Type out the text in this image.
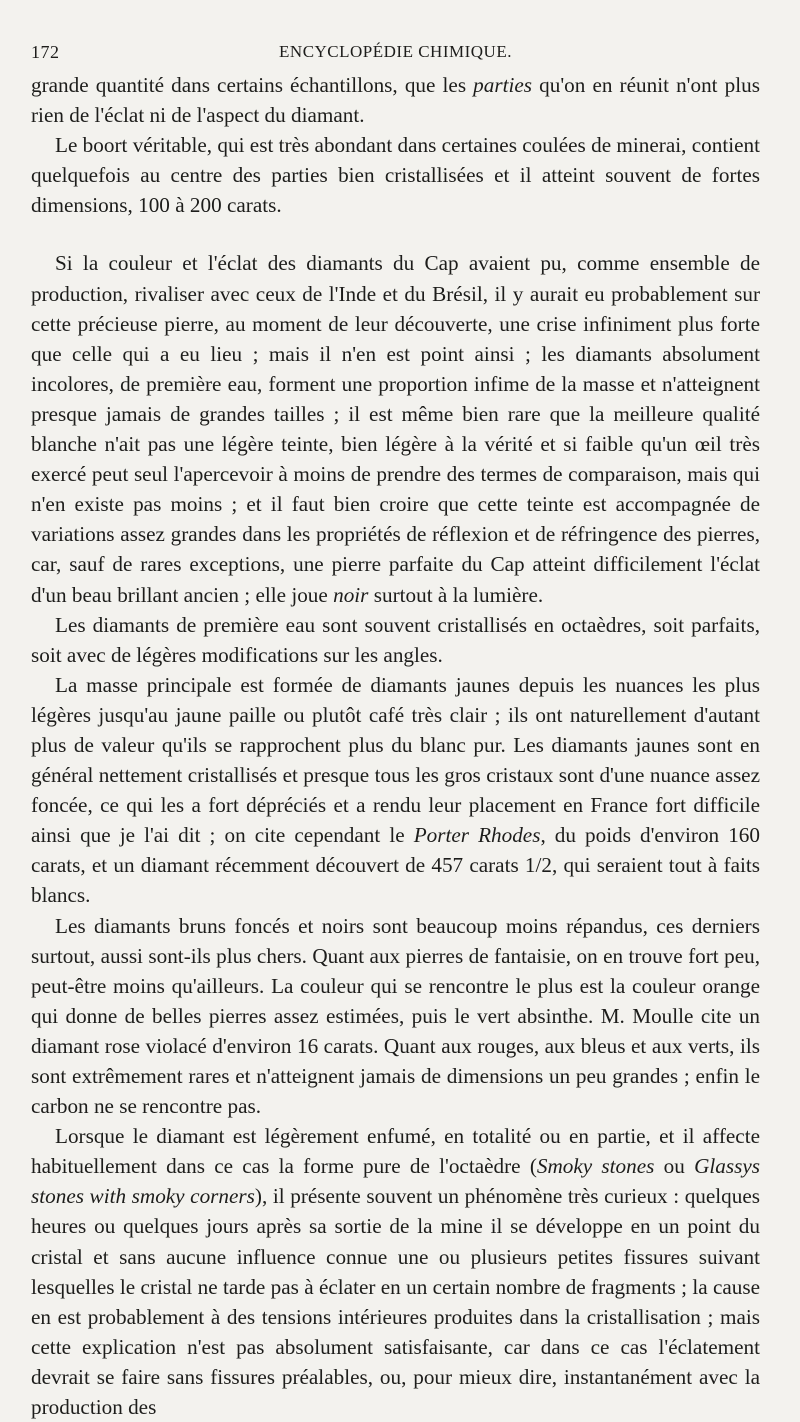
172	ENCYCLOPÉDIE CHIMIQUE.

grande quantité dans certains échantillons, que les parties qu'on en réunit n'ont plus rien de l'éclat ni de l'aspect du diamant.

Le boort véritable, qui est très abondant dans certaines coulées de minerai, contient quelquefois au centre des parties bien cristallisées et il atteint souvent de fortes dimensions, 100 à 200 carats.

Si la couleur et l'éclat des diamants du Cap avaient pu, comme ensemble de production, rivaliser avec ceux de l'Inde et du Brésil, il y aurait eu probablement sur cette précieuse pierre, au moment de leur découverte, une crise infiniment plus forte que celle qui a eu lieu ; mais il n'en est point ainsi ; les diamants absolument incolores, de première eau, forment une proportion infime de la masse et n'atteignent presque jamais de grandes tailles ; il est même bien rare que la meilleure qualité blanche n'ait pas une légère teinte, bien légère à la vérité et si faible qu'un œil très exercé peut seul l'apercevoir à moins de prendre des termes de comparaison, mais qui n'en existe pas moins ; et il faut bien croire que cette teinte est accompagnée de variations assez grandes dans les propriétés de réflexion et de réfringence des pierres, car, sauf de rares exceptions, une pierre parfaite du Cap atteint difficilement l'éclat d'un beau brillant ancien ; elle joue noir surtout à la lumière.

Les diamants de première eau sont souvent cristallisés en octaèdres, soit parfaits, soit avec de légères modifications sur les angles.

La masse principale est formée de diamants jaunes depuis les nuances les plus légères jusqu'au jaune paille ou plutôt café très clair ; ils ont naturellement d'autant plus de valeur qu'ils se rapprochent plus du blanc pur. Les diamants jaunes sont en général nettement cristallisés et presque tous les gros cristaux sont d'une nuance assez foncée, ce qui les a fort dépréciés et a rendu leur placement en France fort difficile ainsi que je l'ai dit ; on cite cependant le Porter Rhodes, du poids d'environ 160 carats, et un diamant récemment découvert de 457 carats 1/2, qui seraient tout à faits blancs.

Les diamants bruns foncés et noirs sont beaucoup moins répandus, ces derniers surtout, aussi sont-ils plus chers. Quant aux pierres de fantaisie, on en trouve fort peu, peut-être moins qu'ailleurs. La couleur qui se rencontre le plus est la couleur orange qui donne de belles pierres assez estimées, puis le vert absinthe. M. Moulle cite un diamant rose violacé d'environ 16 carats. Quant aux rouges, aux bleus et aux verts, ils sont extrêmement rares et n'atteignent jamais de dimensions un peu grandes ; enfin le carbon ne se rencontre pas.

Lorsque le diamant est légèrement enfumé, en totalité ou en partie, et il affecte habituellement dans ce cas la forme pure de l'octaèdre (Smoky stones ou Glassys stones with smoky corners), il présente souvent un phénomène très curieux : quelques heures ou quelques jours après sa sortie de la mine il se développe en un point du cristal et sans aucune influence connue une ou plusieurs petites fissures suivant lesquelles le cristal ne tarde pas à éclater en un certain nombre de fragments ; la cause en est probablement à des tensions intérieures produites dans la cristallisation ; mais cette explication n'est pas absolument satisfaisante, car dans ce cas l'éclatement devrait se faire sans fissures préalables, ou, pour mieux dire, instantanément avec la production des
